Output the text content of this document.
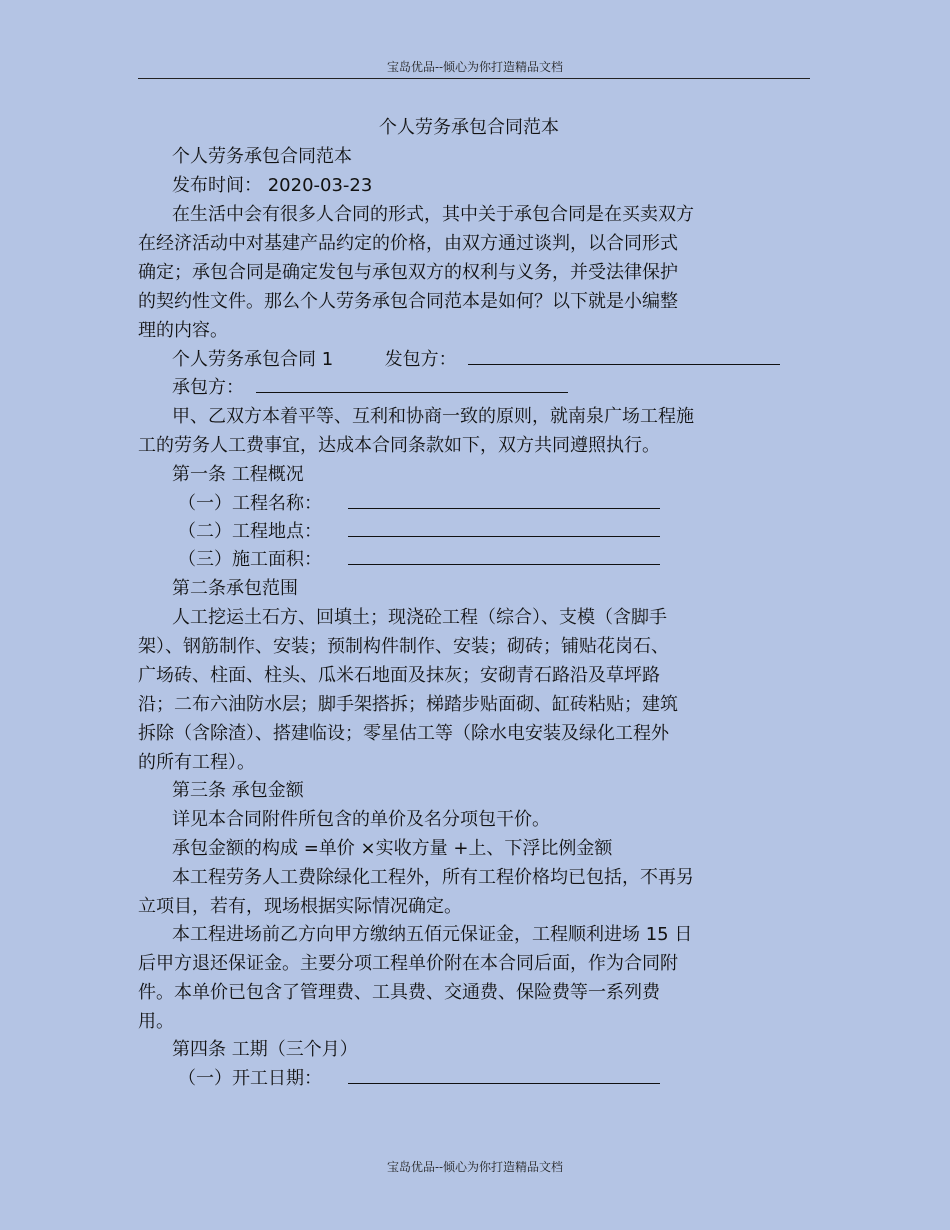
宝岛优品--倾心为你打造精品文档
个人劳务承包合同范本
个人劳务承包合同范本
发布时间： 2020-03-23
在生活中会有很多人合同的形式，其中关于承包合同是在买卖双方
在经济活动中对基建产品约定的价格，由双方通过谈判，以合同形式
确定；承包合同是确定发包与承包双方的权利与义务，并受法律保护
的契约性文件。那么个人劳务承包合同范本是如何？以下就是小编整
理的内容。
个人劳务承包合同 1	发包方：
承包方：
甲、乙双方本着平等、互利和协商一致的原则，就南泉广场工程施
工的劳务人工费事宜，达成本合同条款如下，双方共同遵照执行。
第一条 工程概况
（一）工程名称：
（二）工程地点：
（三）施工面积：
第二条承包范围
人工挖运土石方、回填土；现浇砼工程（综合）、支模（含脚手
架）、钢筋制作、安装；预制构件制作、安装；砌砖；铺贴花岗石、
广场砖、柱面、柱头、瓜米石地面及抹灰；安砌青石路沿及草坪路
沿；二布六油防水层；脚手架搭拆；梯踏步贴面砌、缸砖粘贴；建筑
拆除（含除渣）、搭建临设；零星估工等（除水电安装及绿化工程外
的所有工程）。
第三条 承包金额
详见本合同附件所包含的单价及名分项包干价。
承包金额的构成 =单价 ×实收方量 +上、下浮比例金额
本工程劳务人工费除绿化工程外，所有工程价格均已包括，不再另
立项目，若有，现场根据实际情况确定。
本工程进场前乙方向甲方缴纳五佰元保证金，工程顺利进场 15 日
后甲方退还保证金。主要分项工程单价附在本合同后面，作为合同附
件。本单价已包含了管理费、工具费、交通费、保险费等一系列费
用。
第四条 工期（三个月）
（一）开工日期：
宝岛优品--倾心为你打造精品文档
